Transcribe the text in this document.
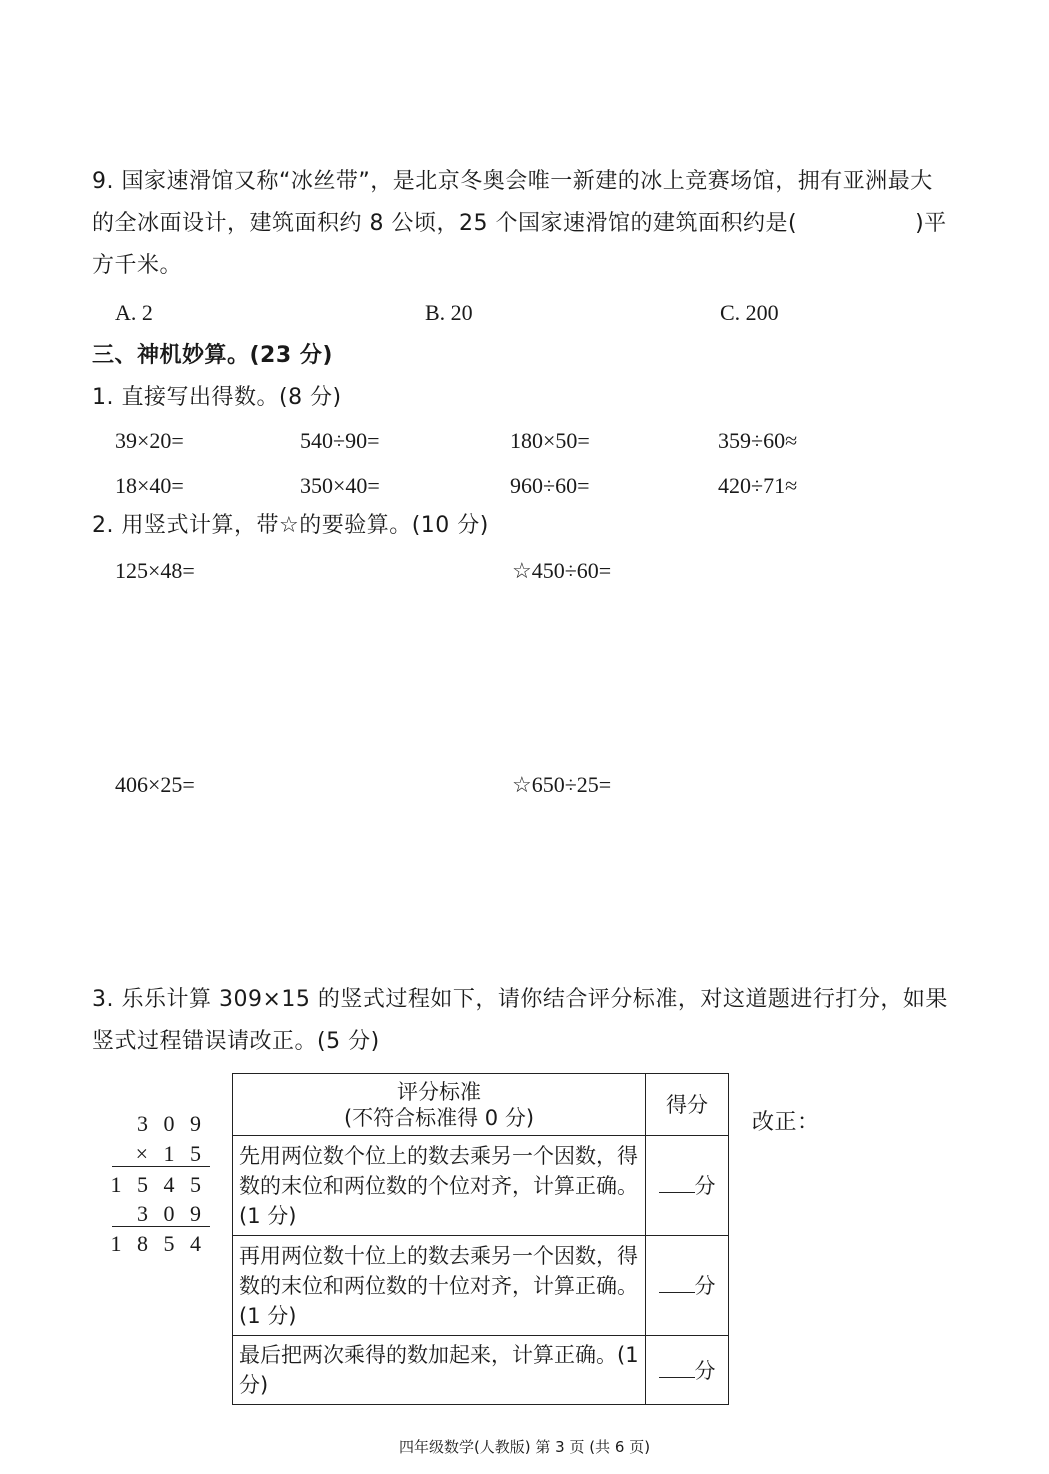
9. 国家速滑馆又称“冰丝带”，是北京冬奥会唯一新建的冰上竞赛场馆，拥有亚洲最大
的全冰面设计，建筑面积约 8 公顷，25 个国家速滑馆的建筑面积约是(	)平
方千米。
A. 2	B. 20	C. 200
三、神机妙算。(23 分)
1. 直接写出得数。(8 分)
39×20=	540÷90=	180×50=	359÷60≈
18×40=	350×40=	960÷60=	420÷71≈
2. 用竖式计算，带☆的要验算。(10 分)
125×48=	☆450÷60=
406×25=	☆650÷25=
3. 乐乐计算 309×15 的竖式过程如下，请你结合评分标准，对这道题进行打分，如果
竖式过程错误请改正。(5 分)
3 0 9
× 1 5
1 5 4 5
3 0 9
1 8 5 4
评分标准
(不符合标准得 0 分)	得分
先用两位数个位上的数去乘另一个因数，得数的末位和两位数的个位对齐，计算正确。(1 分)	分
再用两位数十位上的数去乘另一个因数，得数的末位和两位数的十位对齐，计算正确。(1 分)	分
最后把两次乘得的数加起来，计算正确。(1 分)	分
改正：
四年级数学(人教版) 第 3 页 (共 6 页)
